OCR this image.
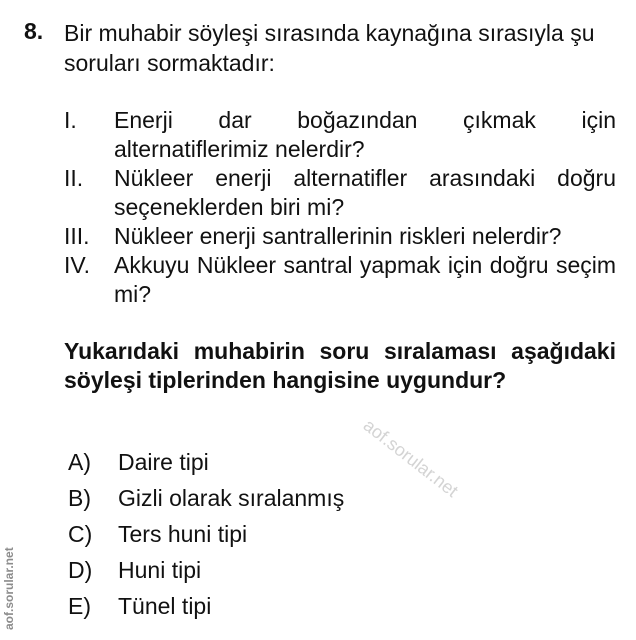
8. Bir muhabir söyleşi sırasında kaynağına sırasıyla şu soruları sormaktadır:
I.	Enerji dar boğazından çıkmak için alternatiflerimiz nelerdir?
II.	Nükleer enerji alternatifler arasındaki doğru seçeneklerden biri mi?
III.	Nükleer enerji santrallerinin riskleri nelerdir?
IV.	Akkuyu Nükleer santral yapmak için doğru seçim mi?
Yukarıdaki muhabirin soru sıralaması aşağıdaki söyleşi tiplerinden hangisine uygundur?
A)	Daire tipi
B)	Gizli olarak sıralanmış
C)	Ters huni tipi
D)	Huni tipi
E)	Tünel tipi
aof.sorular.net
aof.sorular.net
